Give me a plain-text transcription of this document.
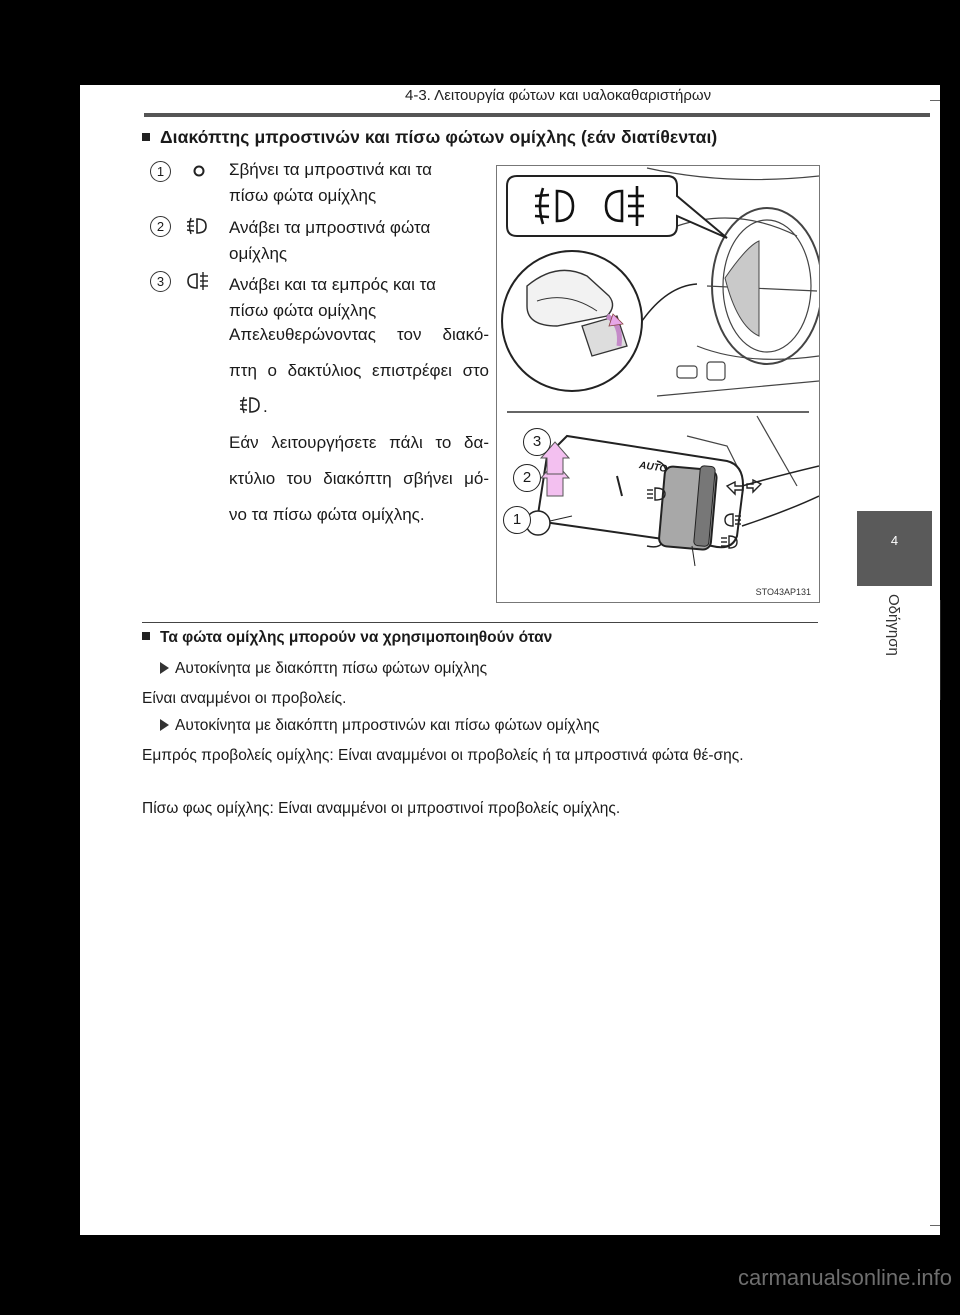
4-3. Λειτουργία φώτων και υαλοκαθαριστήρων
Διακόπτης μπροστινών και πίσω φώτων ομίχλης (εάν διατίθενται)
1	Σβήνει τα μπροστινά και τα
πίσω φώτα ομίχλης
2	Ανάβει τα μπροστινά φώτα
ομίχλης
3	Ανάβει και τα εμπρός και τα
πίσω φώτα ομίχλης
Απελευθερώνοντας τον διακό-
πτη ο δακτύλιος επιστρέφει στο
.
Εάν λειτουργήσετε πάλι το δα-
κτύλιο του διακόπτη σβήνει μό-
νο τα πίσω φώτα ομίχλης.	1
2
3
AUTO
STO43AP131
Τα φώτα ομίχλης μπορούν να χρησιμοποιηθούν όταν
Αυτοκίνητα με διακόπτη πίσω φώτων ομίχλης
Είναι αναμμένοι οι προβολείς.
Αυτοκίνητα με διακόπτη μπροστινών και πίσω φώτων ομίχλης
Εμπρός προβολείς ομίχλης: Είναι αναμμένοι οι προβολείς ή τα μπροστινά φώτα θέ-σης.
Πίσω φως ομίχλης: Είναι αναμμένοι οι μπροστινοί προβολείς ομίχλης.
4
Οδήγηση
carmanualsonline.info
